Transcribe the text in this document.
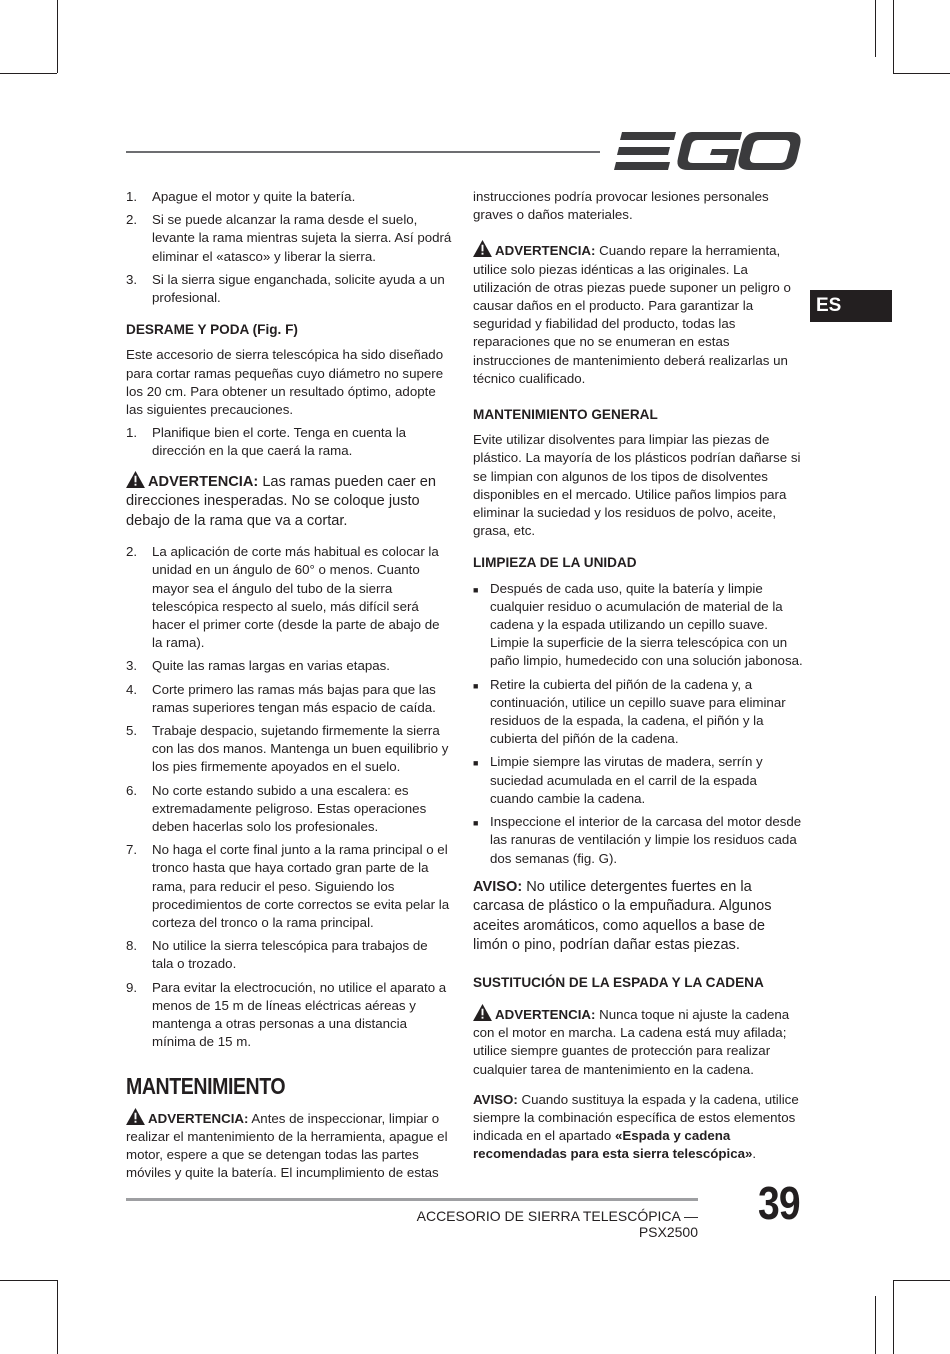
ES
1.	Apague el motor y quite la batería.
2.	Si se puede alcanzar la rama desde el suelo, levante la rama mientras sujeta la sierra. Así podrá eliminar el «atasco» y liberar la sierra.
3.	Si la sierra sigue enganchada, solicite ayuda a un profesional.
DESRAME Y PODA (Fig. F)

Este accesorio de sierra telescópica ha sido diseñado para cortar ramas pequeñas cuyo diámetro no supere los 20 cm. Para obtener un resultado óptimo, adopte las siguientes precauciones.

1.	Planifique bien el corte. Tenga en cuenta la dirección en la que caerá la rama.

ADVERTENCIA: Las ramas pueden caer en direcciones inesperadas. No se coloque justo debajo de la rama que va a cortar.

2.	La aplicación de corte más habitual es colocar la unidad en un ángulo de 60° o menos. Cuanto mayor sea el ángulo del tubo de la sierra telescópica respecto al suelo, más difícil será hacer el primer corte (desde la parte de abajo de la rama).
3.	Quite las ramas largas en varias etapas.
4.	Corte primero las ramas más bajas para que las ramas superiores tengan más espacio de caída.
5.	Trabaje despacio, sujetando firmemente la sierra con las dos manos. Mantenga un buen equilibrio y los pies firmemente apoyados en el suelo.
6.	No corte estando subido a una escalera: es extremadamente peligroso. Estas operaciones deben hacerlas solo los profesionales.
7.	No haga el corte final junto a la rama principal o el tronco hasta que haya cortado gran parte de la rama, para reducir el peso. Siguiendo los procedimientos de corte correctos se evita pelar la corteza del tronco o la rama principal.
8.	No utilice la sierra telescópica para trabajos de tala o trozado.
9.	Para evitar la electrocución, no utilice el aparato a menos de 15 m de líneas eléctricas aéreas y mantenga a otras personas a una distancia mínima de 15 m.
MANTENIMIENTO

ADVERTENCIA: Antes de inspeccionar, limpiar o realizar el mantenimiento de la herramienta, apague el motor, espere a que se detengan todas las partes móviles y quite la batería. El incumplimiento de estas

instrucciones podría provocar lesiones personales graves o daños materiales.

ADVERTENCIA: Cuando repare la herramienta, utilice solo piezas idénticas a las originales. La utilización de otras piezas puede suponer un peligro o causar daños en el producto. Para garantizar la seguridad y fiabilidad del producto, todas las reparaciones que no se enumeran en estas instrucciones de mantenimiento deberá realizarlas un técnico cualificado.

MANTENIMIENTO GENERAL

Evite utilizar disolventes para limpiar las piezas de plástico. La mayoría de los plásticos podrían dañarse si se limpian con algunos de los tipos de disolventes disponibles en el mercado. Utilice paños limpios para eliminar la suciedad y los residuos de polvo, aceite, grasa, etc.

LIMPIEZA DE LA UNIDAD
■ Después de cada uso, quite la batería y limpie cualquier residuo o acumulación de material de la cadena y la espada utilizando un cepillo suave. Limpie la superficie de la sierra telescópica con un paño limpio, humedecido con una solución jabonosa.
■ Retire la cubierta del piñón de la cadena y, a continuación, utilice un cepillo suave para eliminar residuos de la espada, la cadena, el piñón y la cubierta del piñón de la cadena.
■ Limpie siempre las virutas de madera, serrín y suciedad acumulada en el carril de la espada cuando cambie la cadena.
■ Inspeccione el interior de la carcasa del motor desde las ranuras de ventilación y limpie los residuos cada dos semanas (fig. G).

AVISO: No utilice detergentes fuertes en la carcasa de plástico o la empuñadura. Algunos aceites aromáticos, como aquellos a base de limón o pino, podrían dañar estas piezas.

SUSTITUCIÓN DE LA ESPADA Y LA CADENA

ADVERTENCIA: Nunca toque ni ajuste la cadena con el motor en marcha. La cadena está muy afilada; utilice siempre guantes de protección para realizar cualquier tarea de mantenimiento en la cadena.

AVISO: Cuando sustituya la espada y la cadena, utilice siempre la combinación específica de estos elementos indicada en el apartado «Espada y cadena recomendadas para esta sierra telescópica».

ACCESORIO DE SIERRA TELESCÓPICA — PSX2500
39
